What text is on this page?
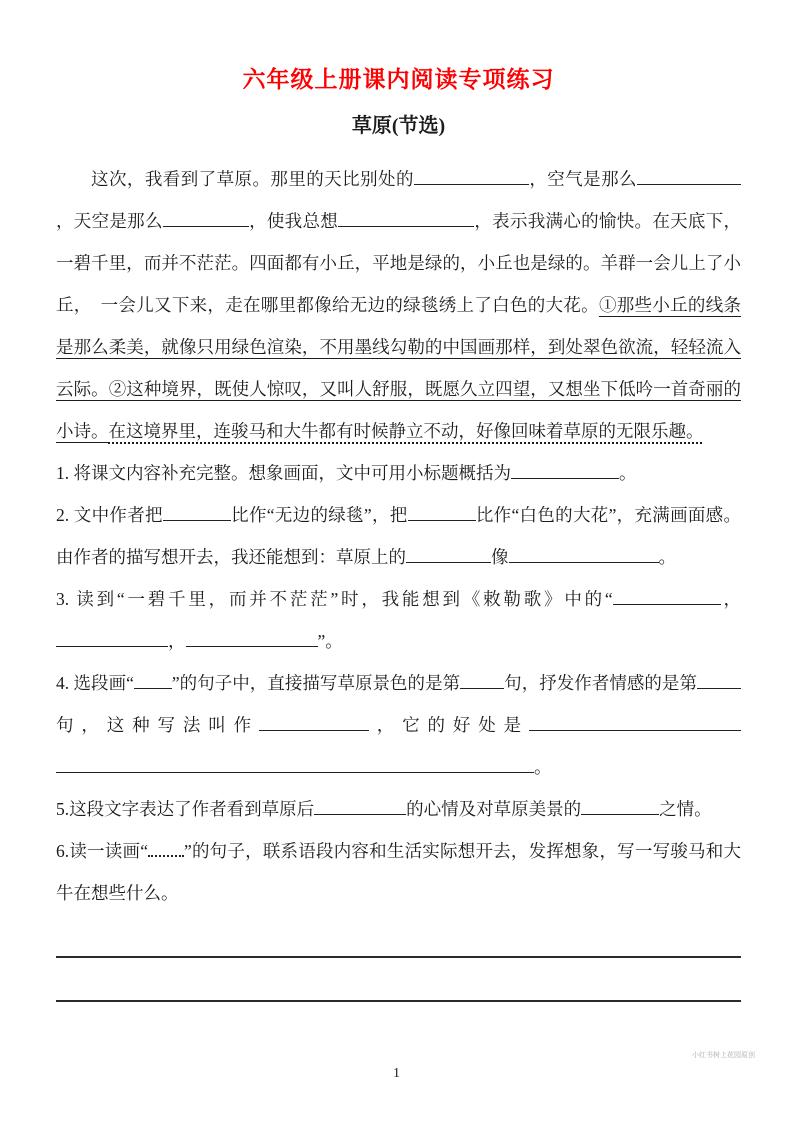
六年级上册课内阅读专项练习
草原(节选)

这次，我看到了草原。那里的天比别处的	，空气是那么，天空是那么	，使我总想	，表示我满心的愉快。在天底下，一碧千里，而并不茫茫。四面都有小丘，平地是绿的，小丘也是绿的。羊群一会儿上了小丘，　一会儿又下来，走在哪里都像给无边的绿毯绣上了白色的大花。①那些小丘的线条是那么柔美，就像只用绿色渲染，不用墨线勾勒的中国画那样，到处翠色欲流，轻轻流入云际。②这种境界，既使人惊叹，又叫人舒服，既愿久立四望，又想坐下低吟一首奇丽的小诗。在这境界里，连骏马和大牛都有时候静立不动，好像回味着草原的无限乐趣。

1. 将课文内容补充完整。想象画面，文中可用小标题概括为	。

2. 文中作者把	比作“无边的绿毯”，把	比作“白色的大花”，充满画面感。由作者的描写想开去，我还能想到：草原上的	像	。

3. 读到“一碧千里，而并不茫茫”时，我能想到《敕勒歌》中的“	，，	”。

4. 选段画“ ”的句子中，直接描写草原景色的是第	句，抒发作者情感的是第句，这种写法叫作	，它的好处是。

5.这段文字表达了作者看到草原后	的心情及对草原美景的	之情。

6.读一读画“ ”的句子，联系语段内容和生活实际想开去，发挥想象，写一写骏马和大牛在想些什么。

小红书树上花园原创
1
